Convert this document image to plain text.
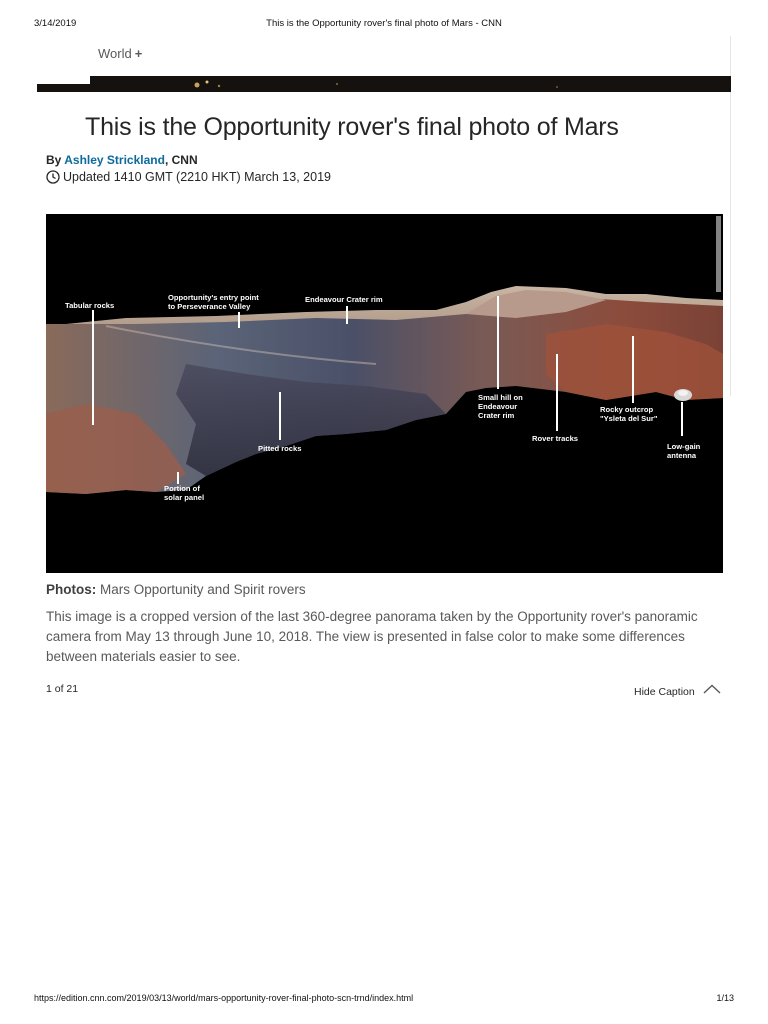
3/14/2019	This is the Opportunity rover's final photo of Mars - CNN
World +
This is the Opportunity rover's final photo of Mars
By Ashley Strickland, CNN
Updated 1410 GMT (2210 HKT) March 13, 2019
Tabular rocks
Opportunity's entry point
to Perseverance Valley
Endeavour Crater rim
Small hill on
Endeavour
Crater rim
Rocky outcrop
"Ysleta del Sur"
Rover tracks
Pitted rocks
Portion of
solar panel
Low-gain
antenna
Photos: Mars Opportunity and Spirit rovers

This image is a cropped version of the last 360-degree panorama taken by the Opportunity rover's panoramic camera from May 13 through June 10, 2018. The view is presented in false color to make some differences between materials easier to see.

1 of 21	Hide Caption
https://edition.cnn.com/2019/03/13/world/mars-opportunity-rover-final-photo-scn-trnd/index.html	1/13
